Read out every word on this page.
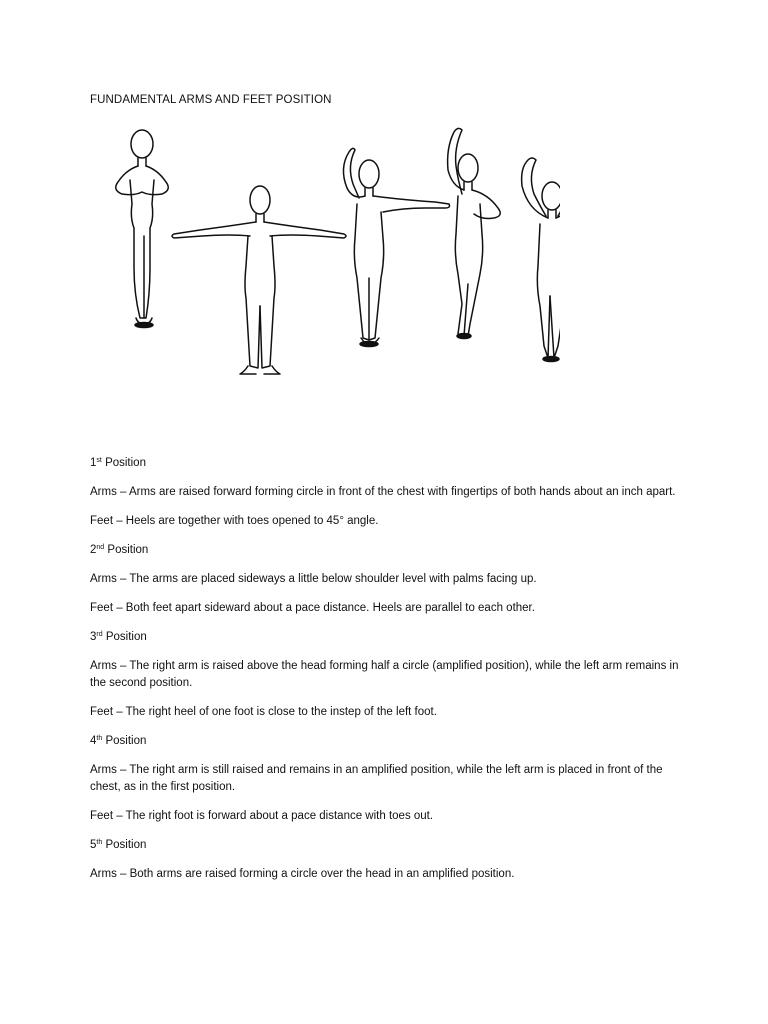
FUNDAMENTAL ARMS AND FEET POSITION
1st Position
Arms – Arms are raised forward forming circle in front of the chest with fingertips of both hands about an inch apart.
Feet – Heels are together with toes opened to 45° angle.
2nd Position
Arms – The arms are placed sideways a little below shoulder level with palms facing up.
Feet – Both feet apart sideward about a pace distance. Heels are parallel to each other.
3rd Position
Arms – The right arm is raised above the head forming half a circle (amplified position), while the left arm remains in the second position.
Feet – The right heel of one foot is close to the instep of the left foot.
4th Position
Arms – The right arm is still raised and remains in an amplified position, while the left arm is placed in front of the chest, as in the first position.
Feet – The right foot is forward about a pace distance with toes out.
5th Position
Arms – Both arms are raised forming a circle over the head in an amplified position.
